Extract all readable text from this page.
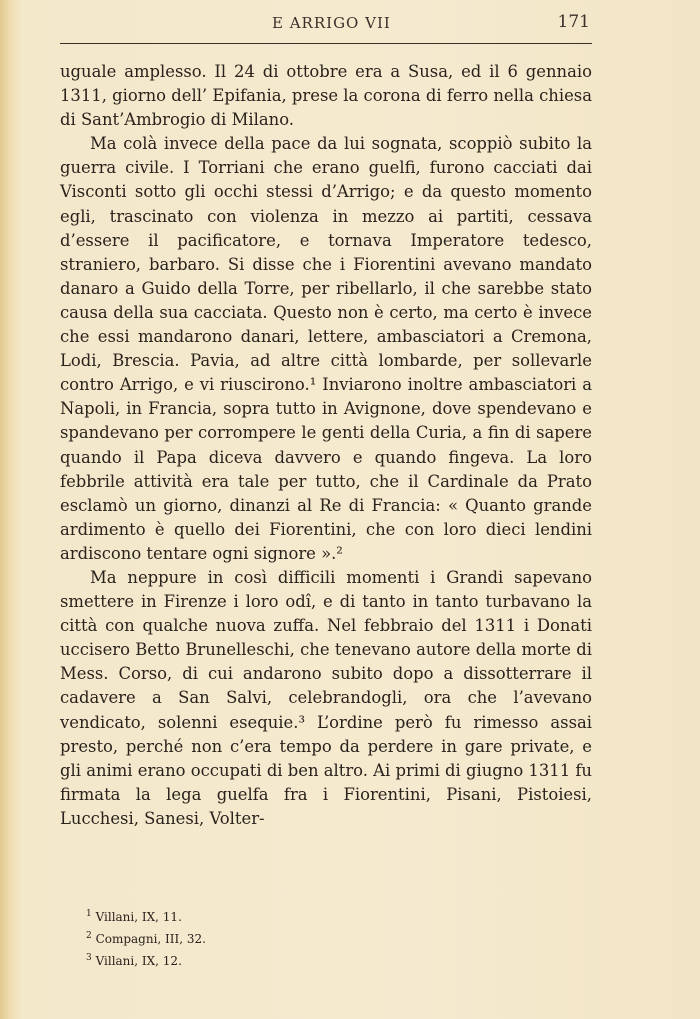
E ARRIGO VII	171

uguale amplesso. Il 24 di ottobre era a Susa, ed il 6 gennaio 1311, giorno dell’ Epifania, prese la corona di ferro nella chiesa di Sant’Ambrogio di Milano.

Ma colà invece della pace da lui sognata, scoppiò subito la guerra civile. I Torriani che erano guelfi, furono cacciati dai Visconti sotto gli occhi stessi d’Arrigo; e da questo momento egli, trascinato con violenza in mezzo ai partiti, cessava d’essere il pacificatore, e tornava Imperatore tedesco, straniero, barbaro. Si disse che i Fiorentini avevano mandato danaro a Guido della Torre, per ribellarlo, il che sarebbe stato causa della sua cacciata. Questo non è certo, ma certo è invece che essi mandarono danari, lettere, ambasciatori a Cremona, Lodi, Brescia. Pavia, ad altre città lombarde, per sollevarle contro Arrigo, e vi riuscirono.¹ Inviarono inoltre ambasciatori a Napoli, in Francia, sopra tutto in Avignone, dove spendevano e spandevano per corrompere le genti della Curia, a fin di sapere quando il Papa diceva davvero e quando fingeva. La loro febbrile attività era tale per tutto, che il Cardinale da Prato esclamò un giorno, dinanzi al Re di Francia: « Quanto grande ardimento è quello dei Fiorentini, che con loro dieci lendini ardiscono tentare ogni signore ».²

Ma neppure in così difficili momenti i Grandi sapevano smettere in Firenze i loro odî, e di tanto in tanto turbavano la città con qualche nuova zuffa. Nel febbraio del 1311 i Donati uccisero Betto Brunelleschi, che tenevano autore della morte di Mess. Corso, di cui andarono subito dopo a dissotterrare il cadavere a San Salvi, celebrandogli, ora che l’avevano vendicato, solenni esequie.³ L’ordine però fu rimesso assai presto, perché non c’era tempo da perdere in gare private, e gli animi erano occupati di ben altro. Ai primi di giugno 1311 fu firmata la lega guelfa fra i Fiorentini, Pisani, Pistoiesi, Lucchesi, Sanesi, Volter-

$^1$ Villani, IX, 11.

$^2$ Compagni, III, 32.

$^3$ Villani, IX, 12.
